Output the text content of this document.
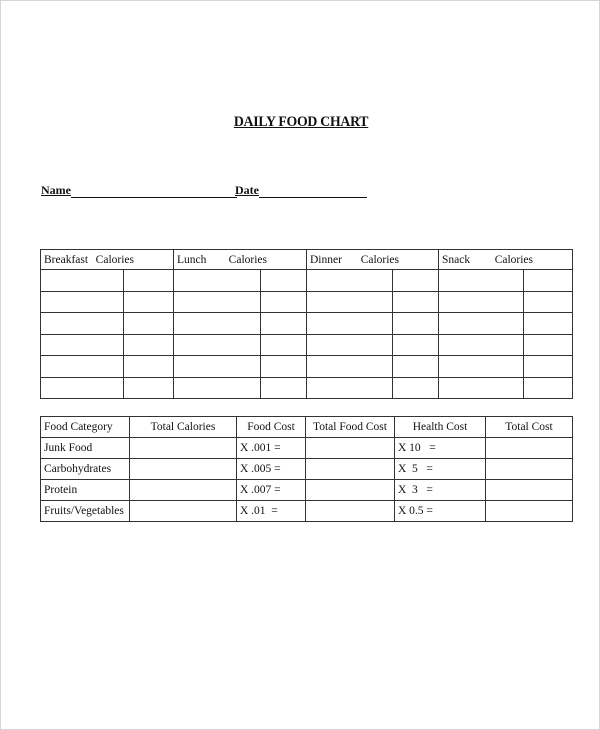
DAILY FOOD CHART
Name	Date
Breakfast Calories		Lunch Calories		Dinner Calories		Snack Calories	

Food Category	Total Calories	Food Cost	Total Food Cost	Health Cost	Total Cost
Junk Food		X .001 =		X 10   =	
Carbohydrates		X .005 =		X  5   =	
Protein		X .007 =		X  3   =	
Fruits/Vegetables		X .01  =		X 0.5 =	
